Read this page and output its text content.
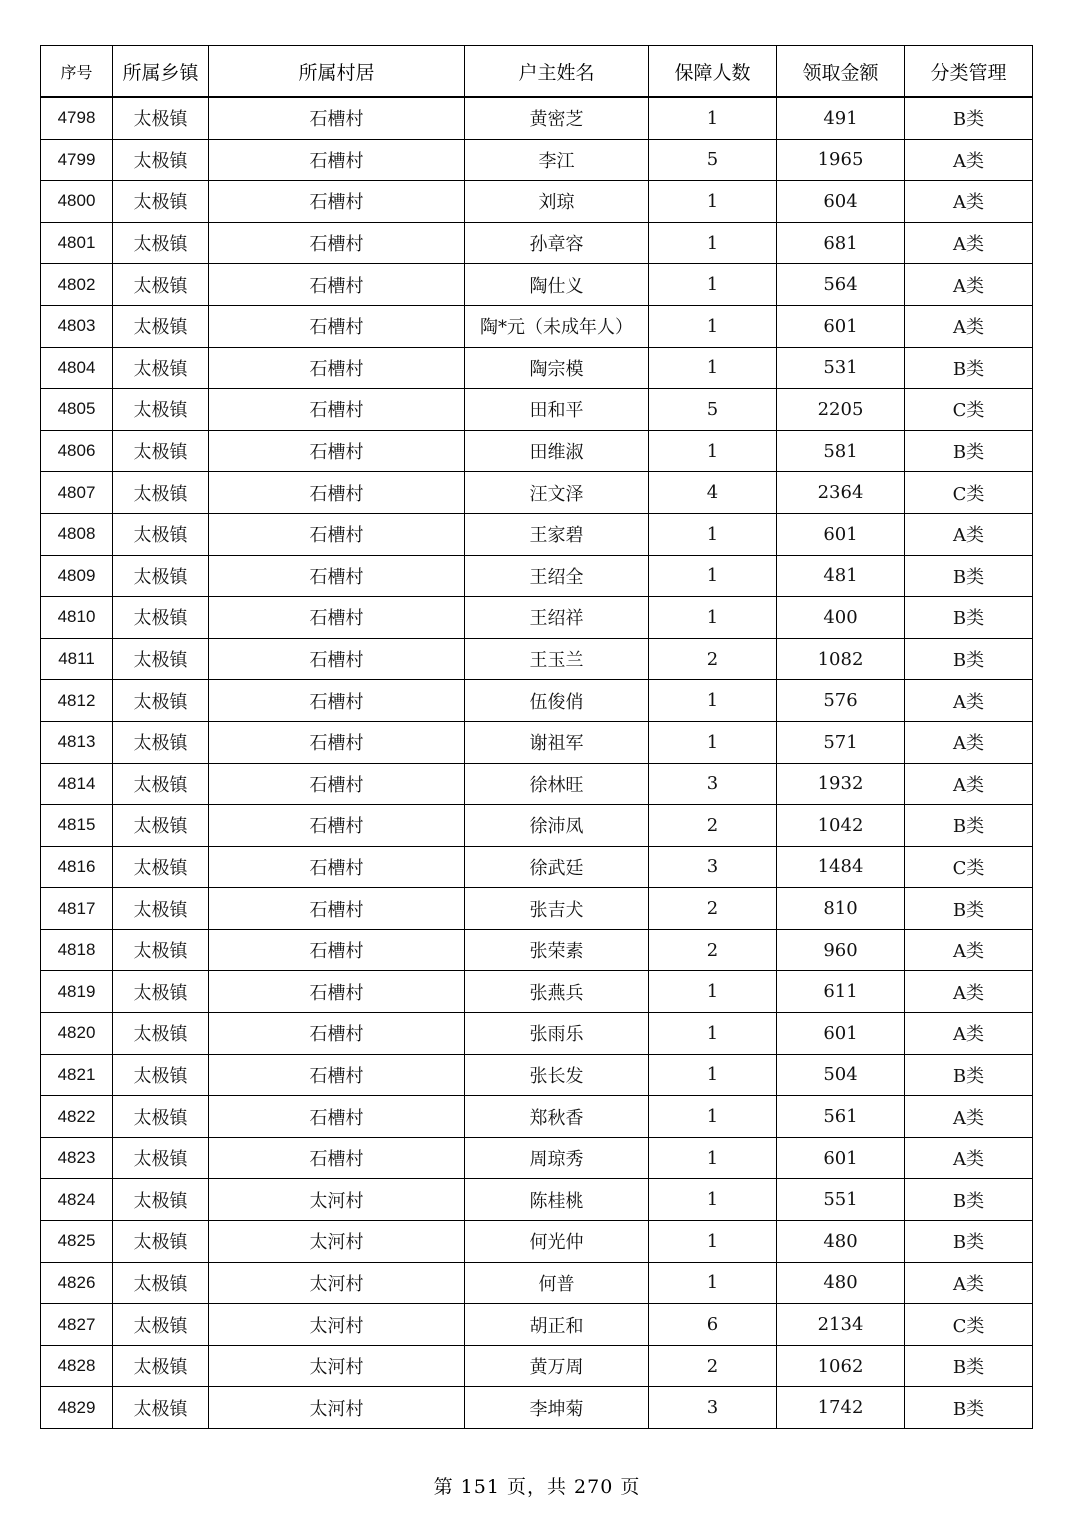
序号	所属乡镇	所属村居	户主姓名	保障人数	领取金额	分类管理
4798	太极镇	石槽村	黄密芝	1	491	B类
4799	太极镇	石槽村	李江	5	1965	A类
4800	太极镇	石槽村	刘琼	1	604	A类
4801	太极镇	石槽村	孙章容	1	681	A类
4802	太极镇	石槽村	陶仕义	1	564	A类
4803	太极镇	石槽村	陶*元（未成年人）	1	601	A类
4804	太极镇	石槽村	陶宗模	1	531	B类
4805	太极镇	石槽村	田和平	5	2205	C类
4806	太极镇	石槽村	田维淑	1	581	B类
4807	太极镇	石槽村	汪文泽	4	2364	C类
4808	太极镇	石槽村	王家碧	1	601	A类
4809	太极镇	石槽村	王绍全	1	481	B类
4810	太极镇	石槽村	王绍祥	1	400	B类
4811	太极镇	石槽村	王玉兰	2	1082	B类
4812	太极镇	石槽村	伍俊俏	1	576	A类
4813	太极镇	石槽村	谢祖军	1	571	A类
4814	太极镇	石槽村	徐林旺	3	1932	A类
4815	太极镇	石槽村	徐沛凤	2	1042	B类
4816	太极镇	石槽村	徐武廷	3	1484	C类
4817	太极镇	石槽村	张吉犬	2	810	B类
4818	太极镇	石槽村	张荣素	2	960	A类
4819	太极镇	石槽村	张燕兵	1	611	A类
4820	太极镇	石槽村	张雨乐	1	601	A类
4821	太极镇	石槽村	张长发	1	504	B类
4822	太极镇	石槽村	郑秋香	1	561	A类
4823	太极镇	石槽村	周琼秀	1	601	A类
4824	太极镇	太河村	陈桂桃	1	551	B类
4825	太极镇	太河村	何光仲	1	480	B类
4826	太极镇	太河村	何普	1	480	A类
4827	太极镇	太河村	胡正和	6	2134	C类
4828	太极镇	太河村	黄万周	2	1062	B类
4829	太极镇	太河村	李坤菊	3	1742	B类
第 151 页，共 270 页
